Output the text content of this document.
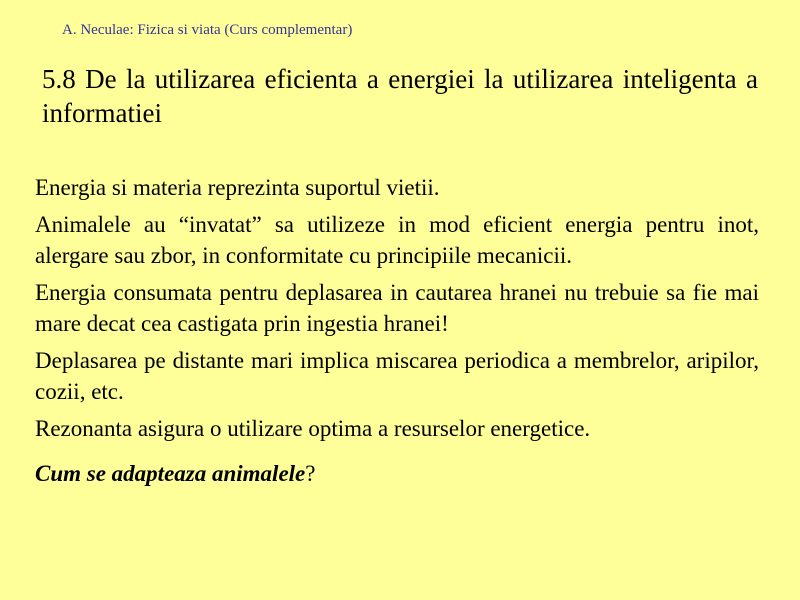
A. Neculae: Fizica si viata (Curs complementar)
5.8 De la utilizarea eficienta a energiei la utilizarea inteligenta a informatiei

Energia si materia reprezinta suportul vietii.

Animalele au “invatat” sa utilizeze in mod eficient energia pentru inot, alergare sau zbor, in conformitate cu principiile mecanicii.

Energia consumata pentru deplasarea in cautarea hranei nu trebuie sa fie mai mare decat cea castigata prin ingestia hranei!

Deplasarea pe distante mari implica miscarea periodica a membrelor, aripilor, cozii, etc.

Rezonanta asigura o utilizare optima a resurselor energetice.

Cum se adapteaza animalele?
